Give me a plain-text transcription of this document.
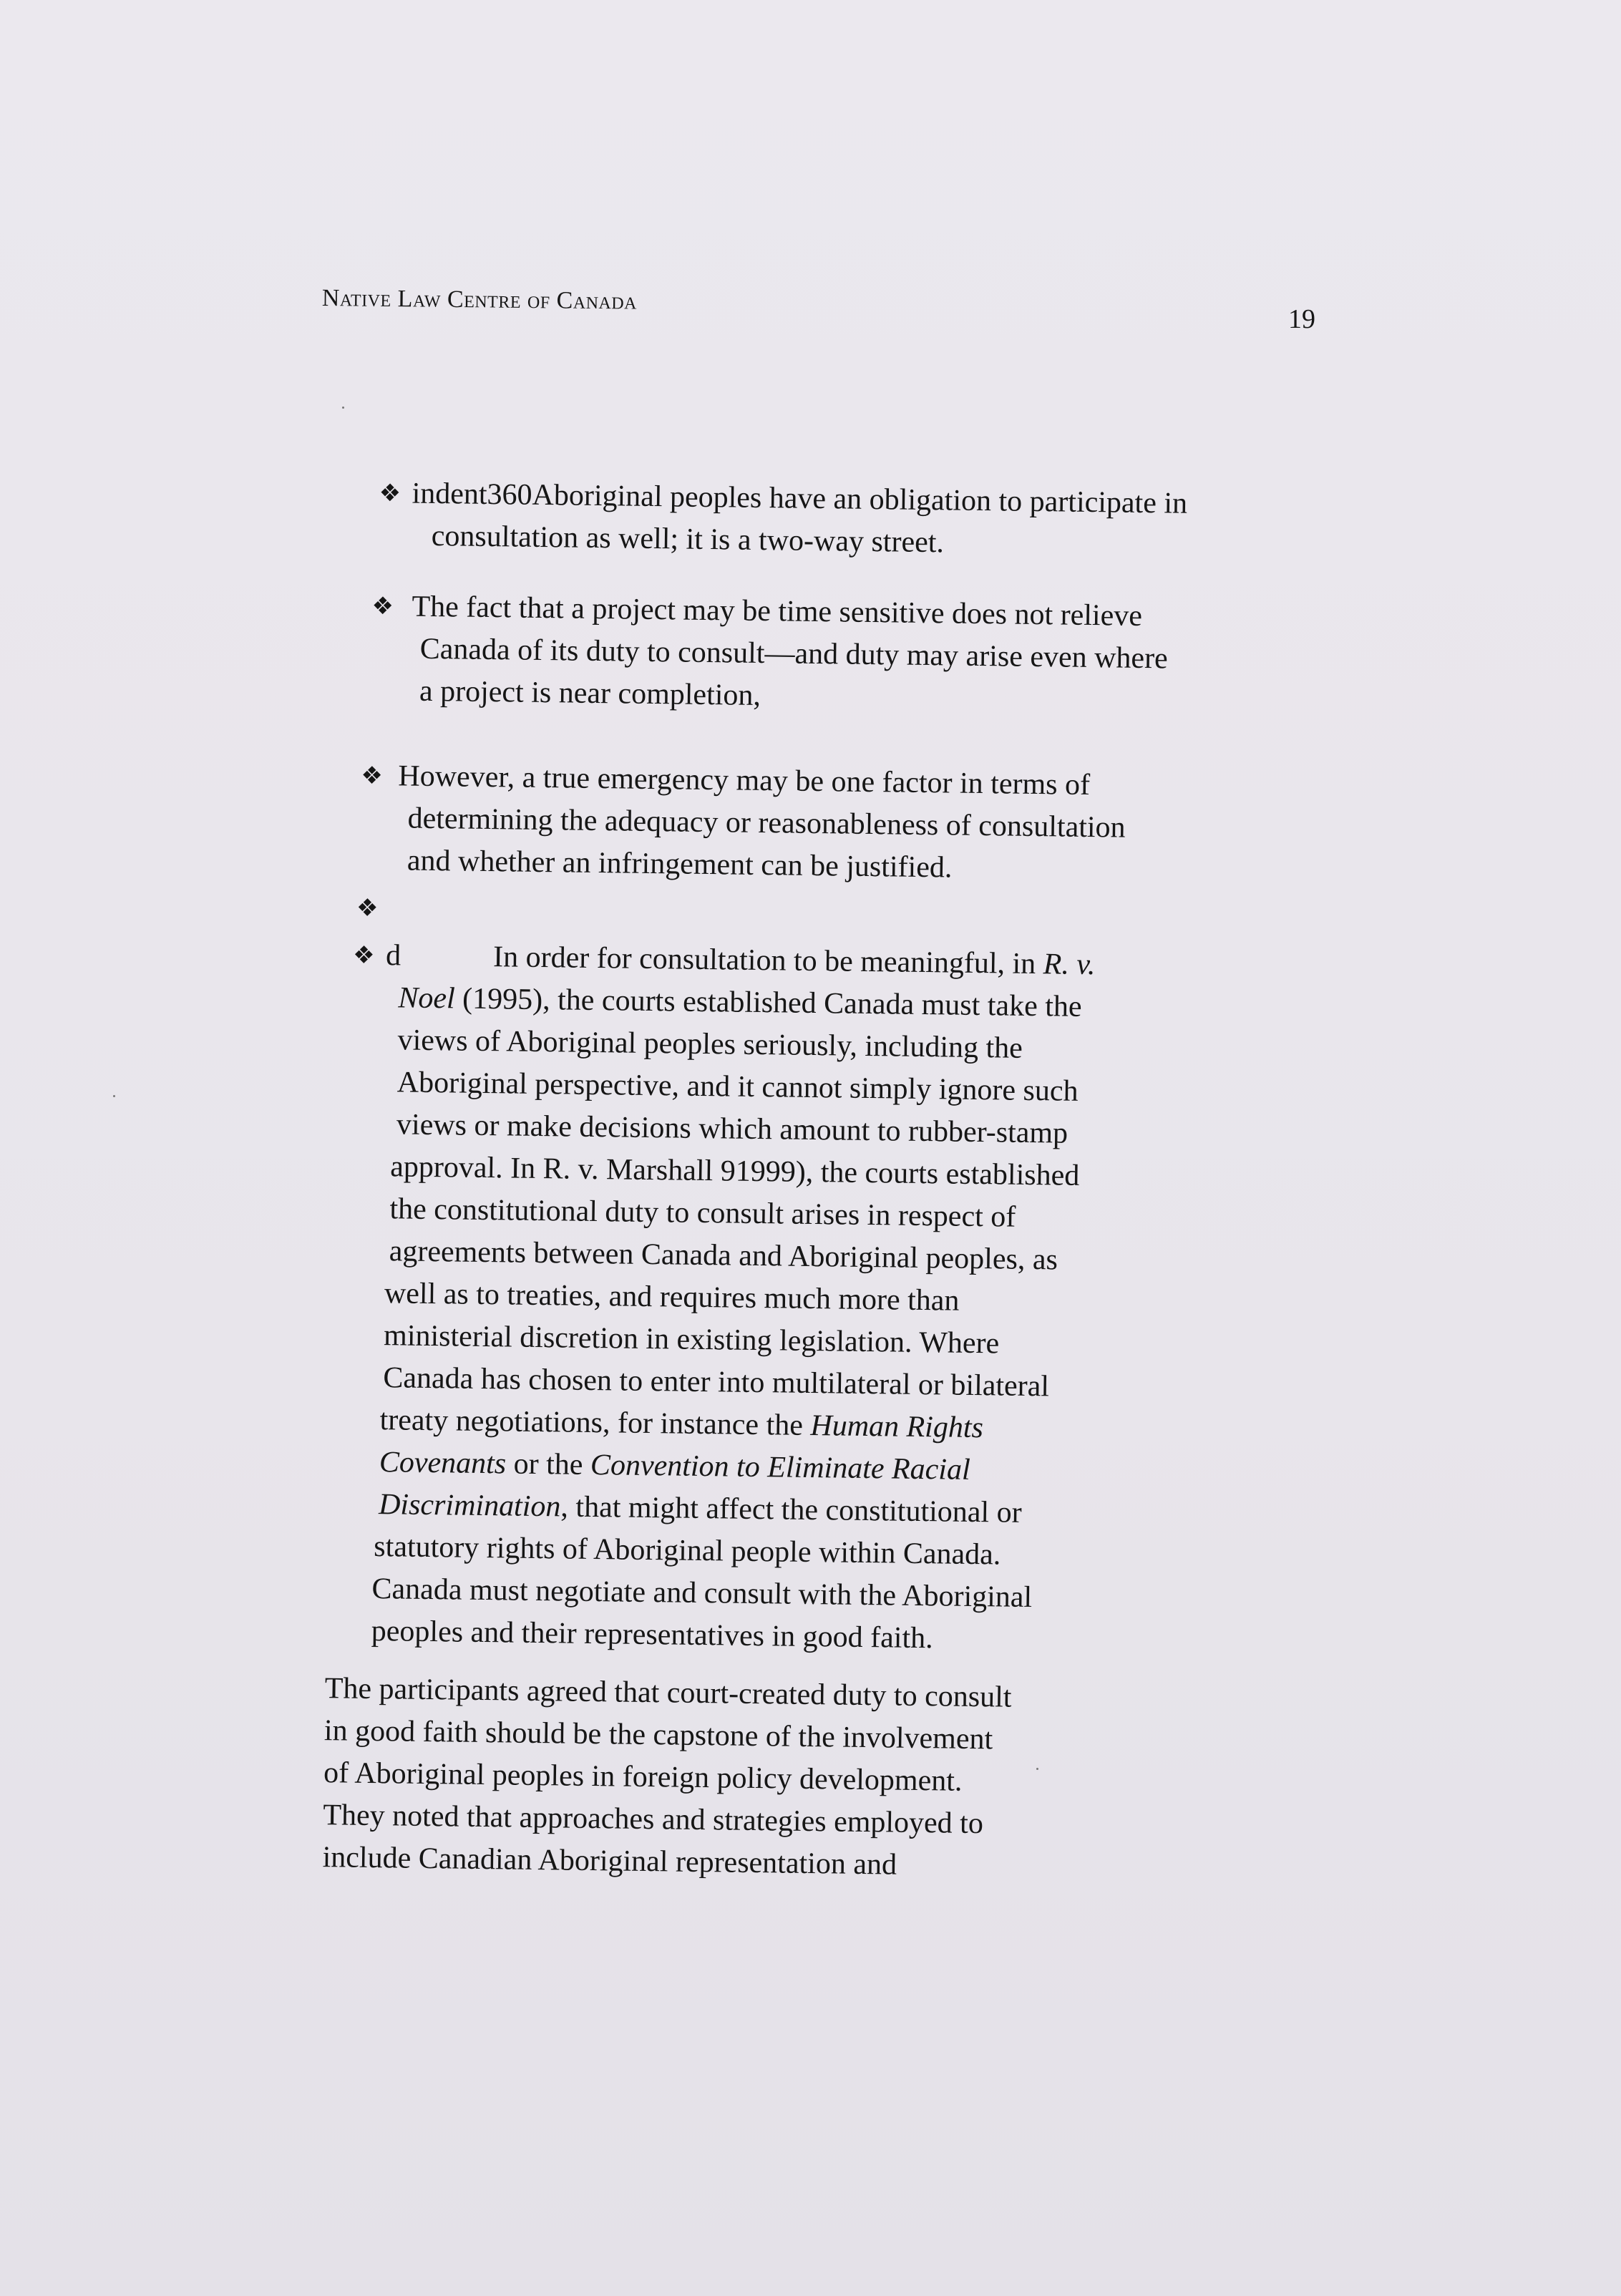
Native Law Centre of Canada
19
❖ indent360Aboriginal peoples have an obligation to participate in
consultation as well; it is a two-way street.
❖ The fact that a project may be time sensitive does not relieve
Canada of its duty to consult—and duty may arise even where
a project is near completion,
❖ However, a true emergency may be one factor in terms of
determining the adequacy or reasonableness of consultation
and whether an infringement can be justified.
❖
❖ d	In order for consultation to be meaningful, in R. v.
Noel (1995), the courts established Canada must take the
views of Aboriginal peoples seriously, including the
Aboriginal perspective, and it cannot simply ignore such
views or make decisions which amount to rubber-stamp
approval. In R. v. Marshall 91999), the courts established
the constitutional duty to consult arises in respect of
agreements between Canada and Aboriginal peoples, as
well as to treaties, and requires much more than
ministerial discretion in existing legislation. Where
Canada has chosen to enter into multilateral or bilateral
treaty negotiations, for instance the Human Rights
Covenants or the Convention to Eliminate Racial
Discrimination, that might affect the constitutional or
statutory rights of Aboriginal people within Canada.
Canada must negotiate and consult with the Aboriginal
peoples and their representatives in good faith.
The participants agreed that court-created duty to consult
in good faith should be the capstone of the involvement
of Aboriginal peoples in foreign policy development.
They noted that approaches and strategies employed to
include Canadian Aboriginal representation and
